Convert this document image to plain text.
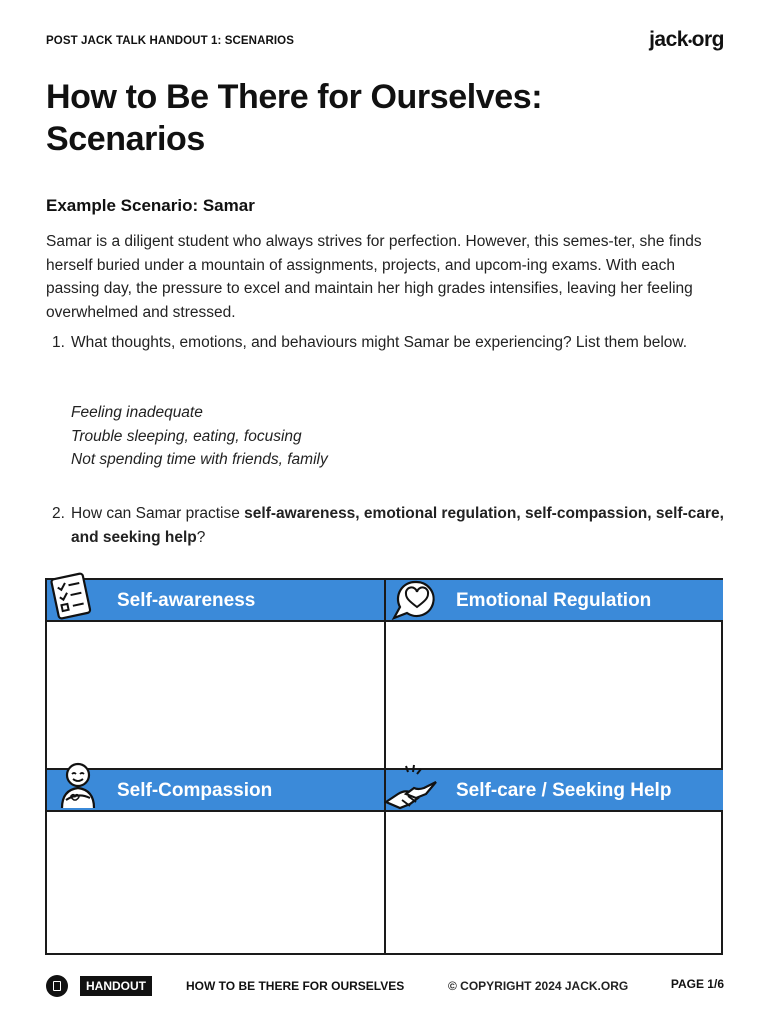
POST JACK TALK HANDOUT 1: SCENARIOS	jack•org
How to Be There for Ourselves:
Scenarios
Example Scenario: Samar

Samar is a diligent student who always strives for perfection. However, this semes-ter, she finds herself buried under a mountain of assignments, projects, and upcom-ing exams. With each passing day, the pressure to excel and maintain her high grades intensifies, leaving her feeling overwhelmed and stressed.

1. What thoughts, emotions, and behaviours might Samar be experiencing? List them below.
Feeling inadequate
Trouble sleeping, eating, focusing
Not spending time with friends, family
2. How can Samar practise self-awareness, emotional regulation, self-compassion, self-care, and seeking help?
Self-awareness	Emotional Regulation
Self-Compassion	Self-care / Seeking Help
HANDOUT	HOW TO BE THERE FOR OURSELVES	© COPYRIGHT 2024 JACK.ORG	PAGE 1/6
